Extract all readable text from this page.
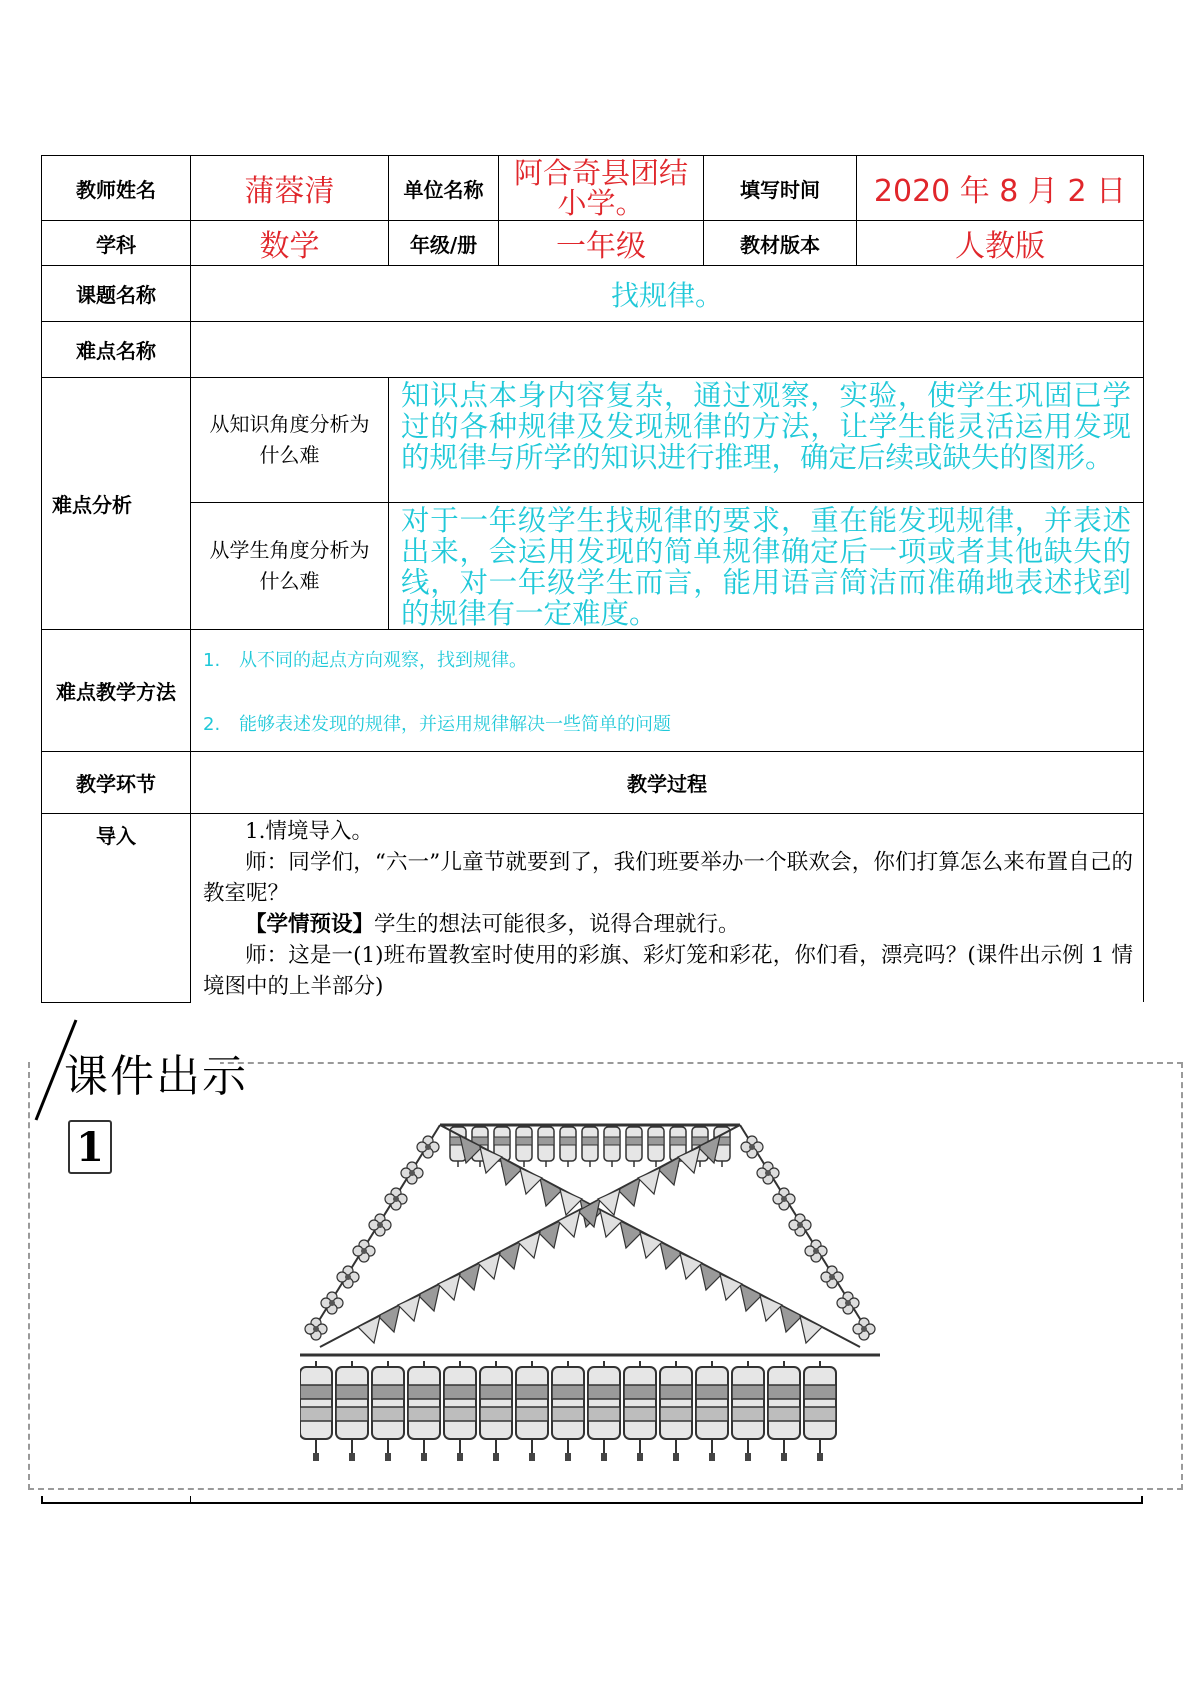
教师姓名	蒲蓉清	单位名称	阿合奇县团结小学。	填写时间	2020 年 8 月 2 日
学科	数学	年级/册	一年级	教材版本	人教版
课题名称	找规律。				
难点名称					
难点分析	从知识角度分析为什么难	知识点本身内容复杂，通过观察，实验，使学生巩固已学过的各种规律及发现规律的方法，让学生能灵活运用发现的规律与所学的知识进行推理，确定后续或缺失的图形。			
	从学生角度分析为什么难	对于一年级学生找规律的要求，重在能发现规律，并表述出来，会运用发现的简单规律确定后一项或者其他缺失的线，对一年级学生而言，能用语言简洁而准确地表述找到的规律有一定难度。			
难点教学方法	1. 从不同的起点方向观察，找到规律。
2. 能够表述发现的规律，并运用规律解决一些简单的问题				

教学环节	教学过程				
导入	1.情境导入。

师：同学们，“六一”儿童节就要到了，我们班要举办一个联欢会，你们打算怎么来布置自己的教室呢？

【学情预设】学生的想法可能很多，说得合理就行。

师：这是一(1)班布置教室时使用的彩旗、彩灯笼和彩花，你们看，漂亮吗？(课件出示例 1 情境图中的上半部分)				

课件出示
1
